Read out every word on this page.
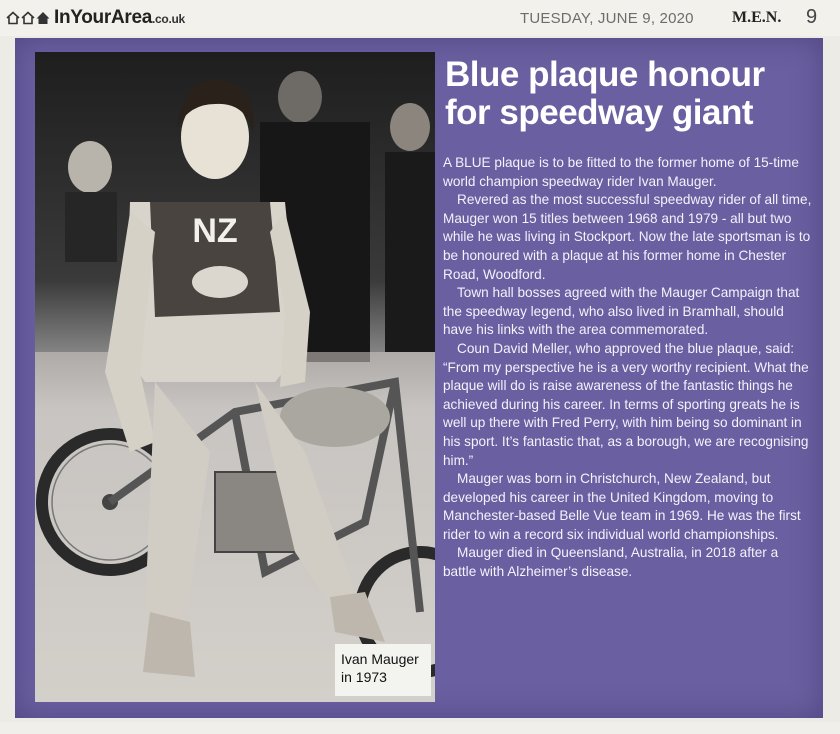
InYourArea.co.uk	TUESDAY, JUNE 9, 2020 M.E.N. 9
NZ
Ivan Mauger
in 1973
Blue plaque honour
for speedway giant

A BLUE plaque is to be fitted to the former home of 15-time world champion speedway rider Ivan Mauger.

Revered as the most successful speedway rider of all time, Mauger won 15 titles between 1968 and 1979 - all but two while he was living in Stockport. Now the late sportsman is to be honoured with a plaque at his former home in Chester Road, Woodford.

Town hall bosses agreed with the Mauger Campaign that the speedway legend, who also lived in Bramhall, should have his links with the area commemorated.

Coun David Meller, who approved the blue plaque, said: “From my perspective he is a very worthy recipient. What the plaque will do is raise awareness of the fantastic things he achieved during his career. In terms of sporting greats he is well up there with Fred Perry, with him being so dominant in his sport. It’s fantastic that, as a borough, we are recognising him.”

Mauger was born in Christchurch, New Zealand, but developed his career in the United Kingdom, moving to Manchester-based Belle Vue team in 1969. He was the first rider to win a record six individual world championships.

Mauger died in Queensland, Australia, in 2018 after a battle with Alzheimer’s disease.
